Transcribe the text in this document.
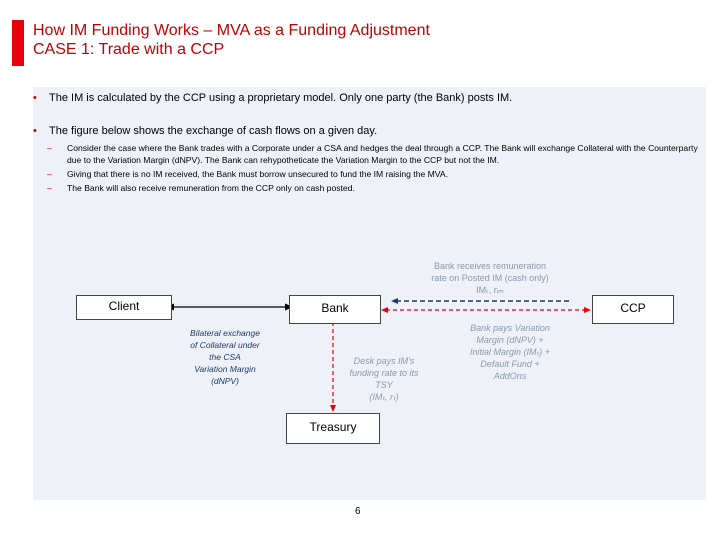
How IM Funding Works – MVA as a Funding Adjustment
CASE 1: Trade with a CCP
• The IM is calculated by the CCP using a proprietary model. Only one party (the Bank) posts IM.
• The figure below shows the exchange of cash flows on a given day.
– Consider the case where the Bank trades with a Corporate under a CSA and hedges the deal through a CCP. The Bank will exchange Collateral with the Counterparty due to the Variation Margin (dNPV). The Bank can rehypotheticate the Variation Margin to the CCP but not the IM.
– Giving that there is no IM received, the Bank must borrow unsecured to fund the IM raising the MVA.
– The Bank will also receive remuneration from the CCP only on cash posted.
Client	Bank	CCP
Treasury
Bank receives remuneration
rate on Posted IM (cash only)
IMₜ, rᵢₘ
Bank pays Variation
Margin (dNPV) +
Initial Margin (IMₜ) +
Default Fund +
AddOns
Bilateral exchange
of Collateral under
the CSA
Variation Margin
(dNPV)
Desk pays IM's
funding rate to its
TSY
(IMₜ, rₜ)
6
